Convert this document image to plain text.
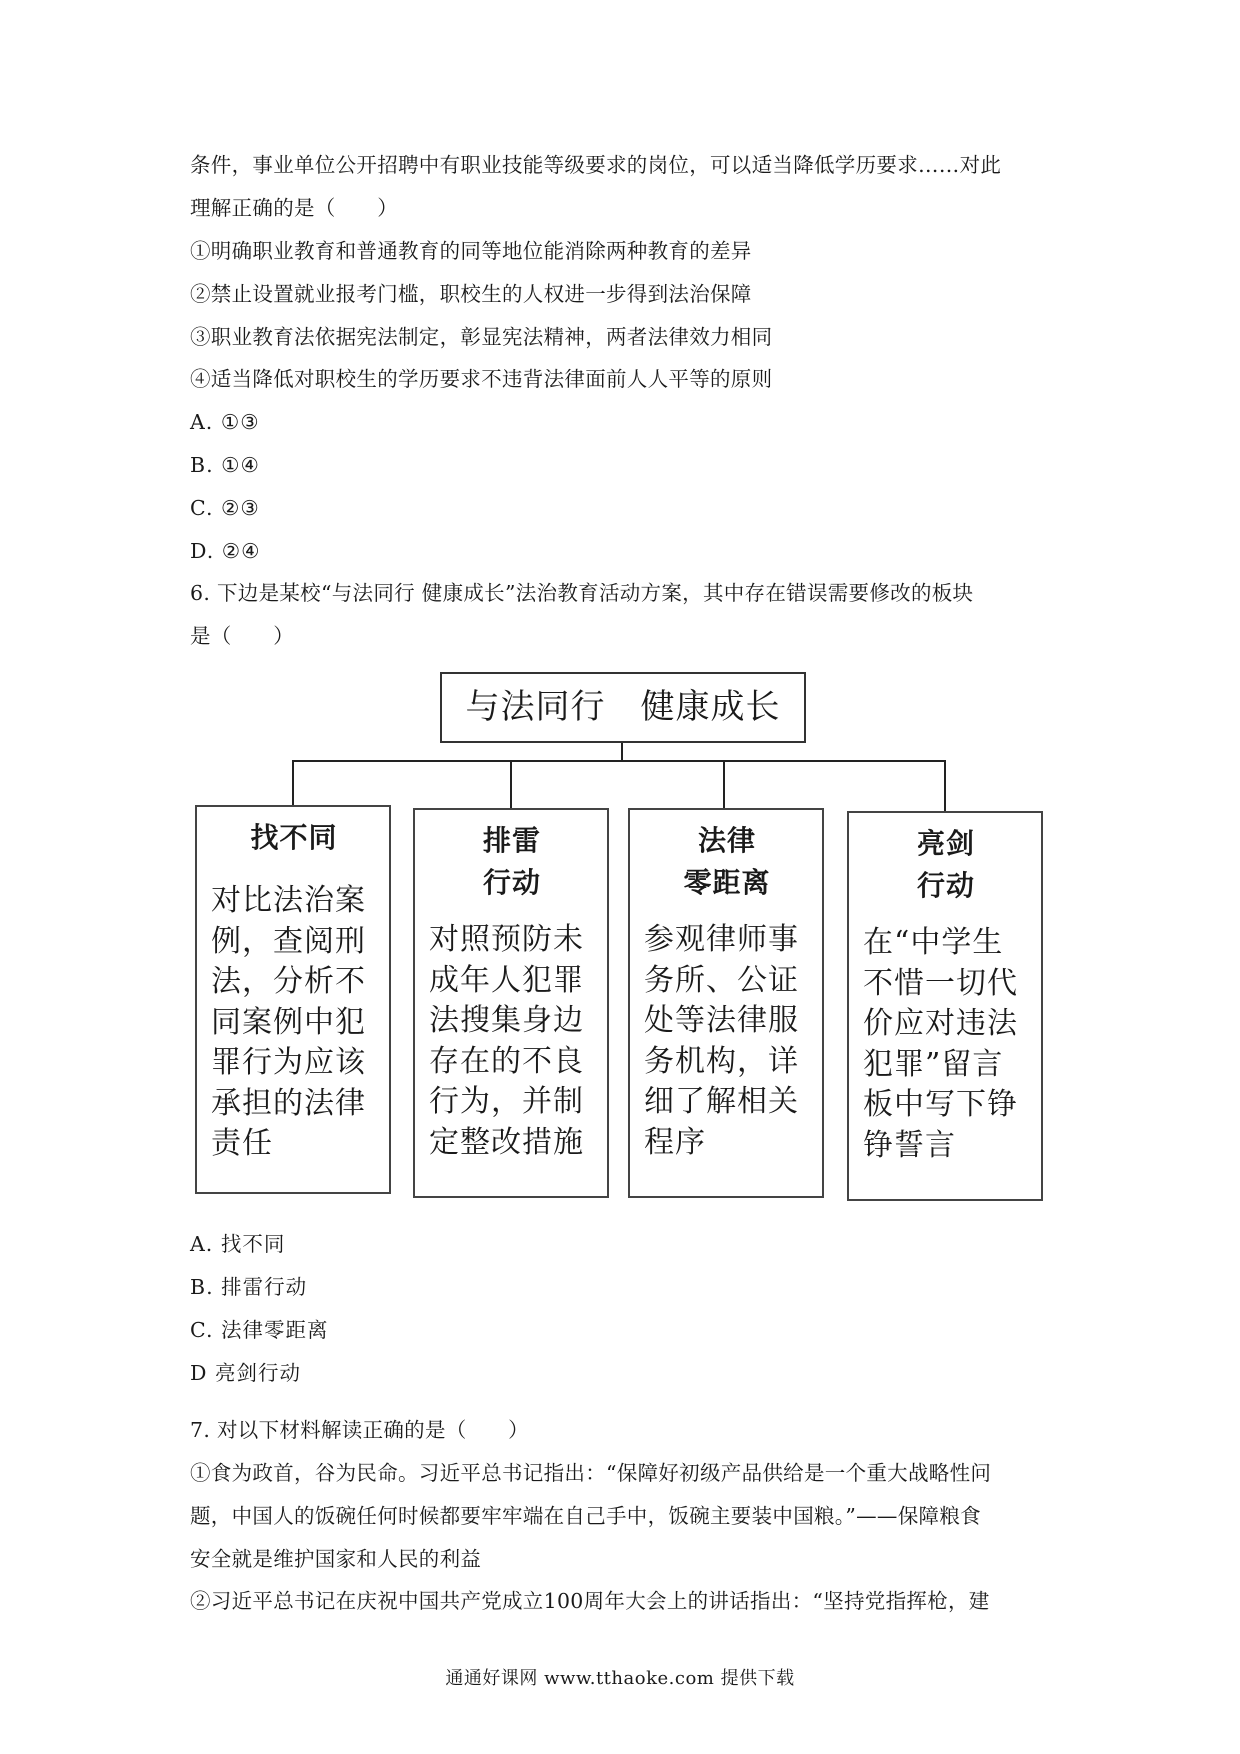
条件，事业单位公开招聘中有职业技能等级要求的岗位，可以适当降低学历要求……对此
理解正确的是（　　）
①明确职业教育和普通教育的同等地位能消除两种教育的差异
②禁止设置就业报考门槛，职校生的人权进一步得到法治保障
③职业教育法依据宪法制定，彰显宪法精神，两者法律效力相同
④适当降低对职校生的学历要求不违背法律面前人人平等的原则
A. ①③
B. ①④
C. ②③
D. ②④
6. 下边是某校“与法同行 健康成长”法治教育活动方案，其中存在错误需要修改的板块
是（　　）
与法同行　健康成长
找不同
对比法治案
例，查阅刑
法，分析不
同案例中犯
罪行为应该
承担的法律
责任
排雷
行动
对照预防未
成年人犯罪
法搜集身边
存在的不良
行为，并制
定整改措施
法律
零距离
参观律师事
务所、公证
处等法律服
务机构，详
细了解相关
程序
亮剑
行动
在“中学生
不惜一切代
价应对违法
犯罪”留言
板中写下铮
铮誓言
A. 找不同
B. 排雷行动
C. 法律零距离
D 亮剑行动
7. 对以下材料解读正确的是（　　）
①食为政首，谷为民命。习近平总书记指出：“保障好初级产品供给是一个重大战略性问
题，中国人的饭碗任何时候都要牢牢端在自己手中，饭碗主要装中国粮。”——保障粮食
安全就是维护国家和人民的利益
②习近平总书记在庆祝中国共产党成立100周年大会上的讲话指出：“坚持党指挥枪，建
通通好课网 www.tthaoke.com 提供下载
